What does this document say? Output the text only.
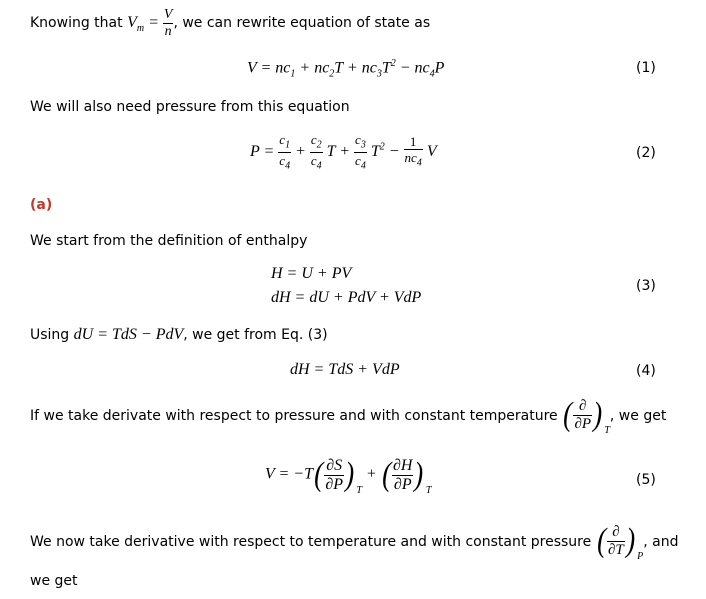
Knowing that $V_m = \frac{V}{n}$ , we can rewrite equation of state as
$V = nc_1 + nc_2T + nc_3T^2 - nc_4P$	(1)
We will also need pressure from this equation
$P = \frac{c_1}{c_4} + \frac{c_2}{c_4}$ $T + \frac{c_3}{c_4} T^2 - \frac{1}{nc_4}$ V	(2)
(a)
We start from the definition of enthalpy
H = U + PV
dH = dU + PdV + VdP
(3)
Using dU = TdS − PdV, we get from Eq. (3)
dH = TdS + VdP	(4)
If we take derivate with respect to pressure and with constant temperature ( $\frac{\partial}{\partial P}$ ) $_T$, we get
$V = -T( \frac{\partial S}{\partial P}$ ) $_T$ + ( $\frac{\partial H}{\partial P}$ ) $_T$
(5)
We now take derivative with respect to temperature and with constant pressure ( $\frac{\partial}{\partial T}$ ) $_P$, and
we get
